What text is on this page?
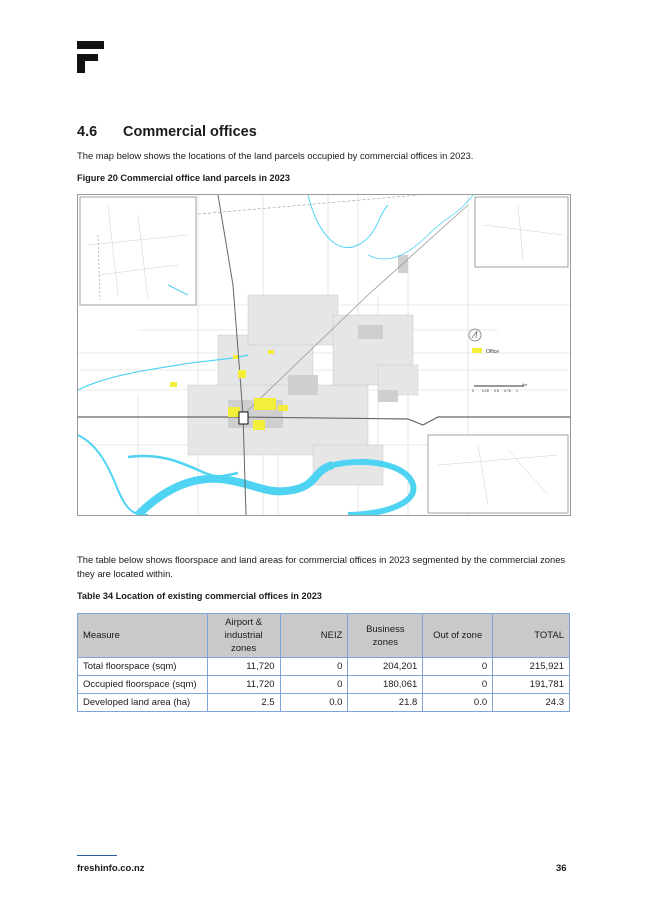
4.6 Commercial offices
The map below shows the locations of the land parcels occupied by commercial offices in 2023.
Figure 20 Commercial office land parcels in 2023
Office
0 0.25 0.5 0.75 1
Km
The table below shows floorspace and land areas for commercial offices in 2023 segmented by the commercial zones they are located within.
Table 34 Location of existing commercial offices in 2023
Measure	Airport & industrial zones	NEIZ	Business zones	Out of zone	TOTAL
Total floorspace (sqm)	11,720	0	204,201	0	215,921
Occupied floorspace (sqm)	11,720	0	180,061	0	191,781
Developed land area (ha)	2.5	0.0	21.8	0.0	24.3
freshinfo.co.nz	36
